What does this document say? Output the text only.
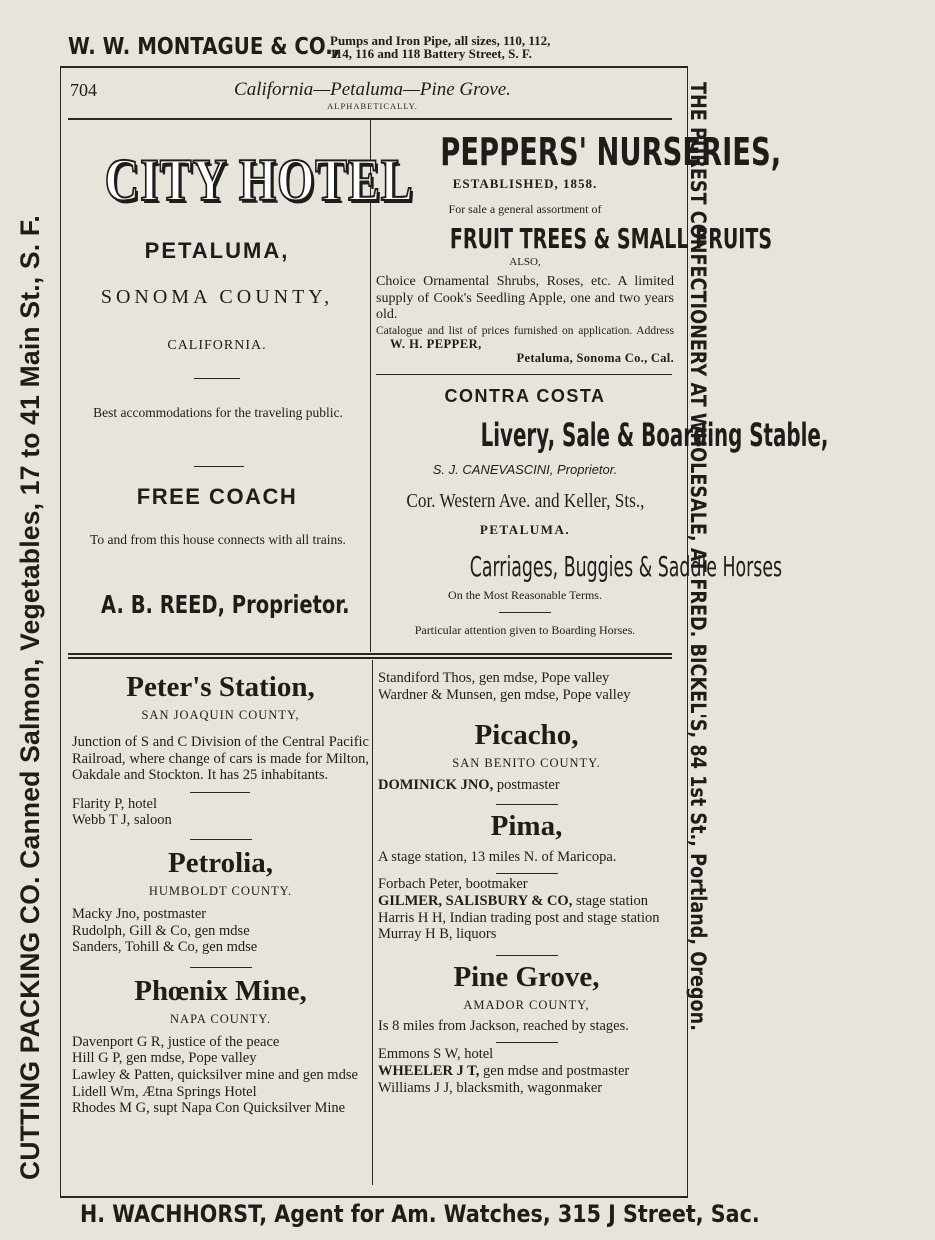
W. W. MONTAGUE & CO.,
Pumps and Iron Pipe, all sizes, 110, 112,
114, 116 and 118 Battery Street, S. F.
CUTTING PACKING CO. Canned Salmon, Vegetables, 17 to 41 Main St., S. F.	THE PUREST CONFECTIONERY AT WHOLESALE, AT FRED. BICKEL'S, 84 1st St., Portland, Oregon.
H. WACHHORST, Agent for Am. Watches, 315 J Street, Sac.
704	California—Petaluma—Pine Grove.
ALPHABETICALLY.
CITY HOTEL
PETALUMA,
SONOMA COUNTY,
CALIFORNIA.
Best accommodations for the traveling public.
FREE COACH
To and from this house connects with all trains.
A. B. REED, Proprietor.
PEPPERS' NURSERIES,
ESTABLISHED, 1858.
For sale a general assortment of
FRUIT TREES & SMALL FRUITS
ALSO,
Choice Ornamental Shrubs, Roses, etc. A limited supply of Cook's Seedling Apple, one and two years old.
Catalogue and list of prices furnished on application. Address W. H. PEPPER,
Petaluma, Sonoma Co., Cal.
CONTRA COSTA
Livery, Sale & Boarding Stable,
S. J. CANEVASCINI, Proprietor.
Cor. Western Ave. and Keller, Sts.,
PETALUMA.
Carriages, Buggies & Saddle Horses
On the Most Reasonable Terms.
Particular attention given to Boarding Horses.
Peter's Station,
SAN JOAQUIN COUNTY,

Junction of S and C Division of the Central Pacific Railroad, where change of cars is made for Milton, Oakdale and Stockton. It has 25 inhabitants.

Flarity P, hotel

Webb T J, saloon

Petrolia,
HUMBOLDT COUNTY.

Macky Jno, postmaster

Rudolph, Gill & Co, gen mdse

Sanders, Tohill & Co, gen mdse

Phœnix Mine,
NAPA COUNTY.

Davenport G R, justice of the peace

Hill G P, gen mdse, Pope valley

Lawley & Patten, quicksilver mine and gen mdse

Lidell Wm, Ætna Springs Hotel

Rhodes M G, supt Napa Con Quicksilver Mine

Standiford Thos, gen mdse, Pope valley

Wardner & Munsen, gen mdse, Pope valley

Picacho,
SAN BENITO COUNTY.

DOMINICK JNO, postmaster

Pima,

A stage station, 13 miles N. of Maricopa.

Forbach Peter, bootmaker

GILMER, SALISBURY & CO, stage station

Harris H H, Indian trading post and stage station

Murray H B, liquors

Pine Grove,
AMADOR COUNTY,

Is 8 miles from Jackson, reached by stages.

Emmons S W, hotel

WHEELER J T, gen mdse and postmaster

Williams J J, blacksmith, wagonmaker
